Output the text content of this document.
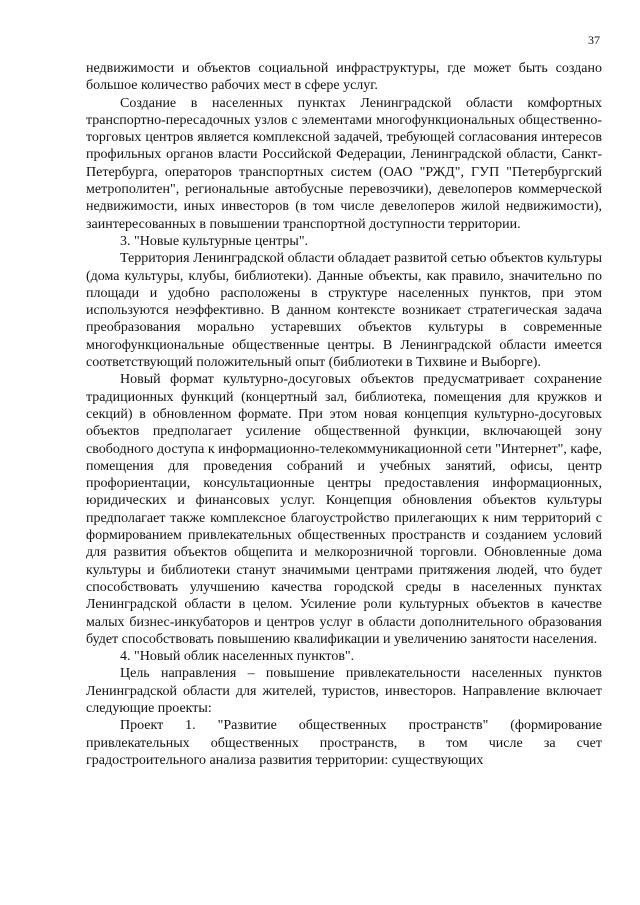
37

недвижимости и объектов социальной инфраструктуры, где может быть создано большое количество рабочих мест в сфере услуг.

Создание в населенных пунктах Ленинградской области комфортных транспортно-пересадочных узлов с элементами многофункциональных общественно-торговых центров является комплексной задачей, требующей согласования интересов профильных органов власти Российской Федерации, Ленинградской области, Санкт-Петербурга, операторов транспортных систем (ОАО "РЖД", ГУП "Петербургский метрополитен", региональные автобусные перевозчики), девелоперов коммерческой недвижимости, иных инвесторов (в том числе девелоперов жилой недвижимости), заинтересованных в повышении транспортной доступности территории.

3. "Новые культурные центры".

Территория Ленинградской области обладает развитой сетью объектов культуры (дома культуры, клубы, библиотеки). Данные объекты, как правило, значительно по площади и удобно расположены в структуре населенных пунктов, при этом используются неэффективно. В данном контексте возникает стратегическая задача преобразования морально устаревших объектов культуры в современные многофункциональные общественные центры. В Ленинградской области имеется соответствующий положительный опыт (библиотеки в Тихвине и Выборге).

Новый формат культурно-досуговых объектов предусматривает сохранение традиционных функций (концертный зал, библиотека, помещения для кружков и секций) в обновленном формате. При этом новая концепция культурно-досуговых объектов предполагает усиление общественной функции, включающей зону свободного доступа к информационно-телекоммуникационной сети "Интернет", кафе, помещения для проведения собраний и учебных занятий, офисы, центр профориентации, консультационные центры предоставления информационных, юридических и финансовых услуг. Концепция обновления объектов культуры предполагает также комплексное благоустройство прилегающих к ним территорий с формированием привлекательных общественных пространств и созданием условий для развития объектов общепита и мелкорозничной торговли. Обновленные дома культуры и библиотеки станут значимыми центрами притяжения людей, что будет способствовать улучшению качества городской среды в населенных пунктах Ленинградской области в целом. Усиление роли культурных объектов в качестве малых бизнес-инкубаторов и центров услуг в области дополнительного образования будет способствовать повышению квалификации и увеличению занятости населения.

4. "Новый облик населенных пунктов".

Цель направления – повышение привлекательности населенных пунктов Ленинградской области для жителей, туристов, инвесторов. Направление включает следующие проекты:

Проект 1. "Развитие общественных пространств" (формирование привлекательных общественных пространств, в том числе за счет градостроительного анализа развития территории: существующих
